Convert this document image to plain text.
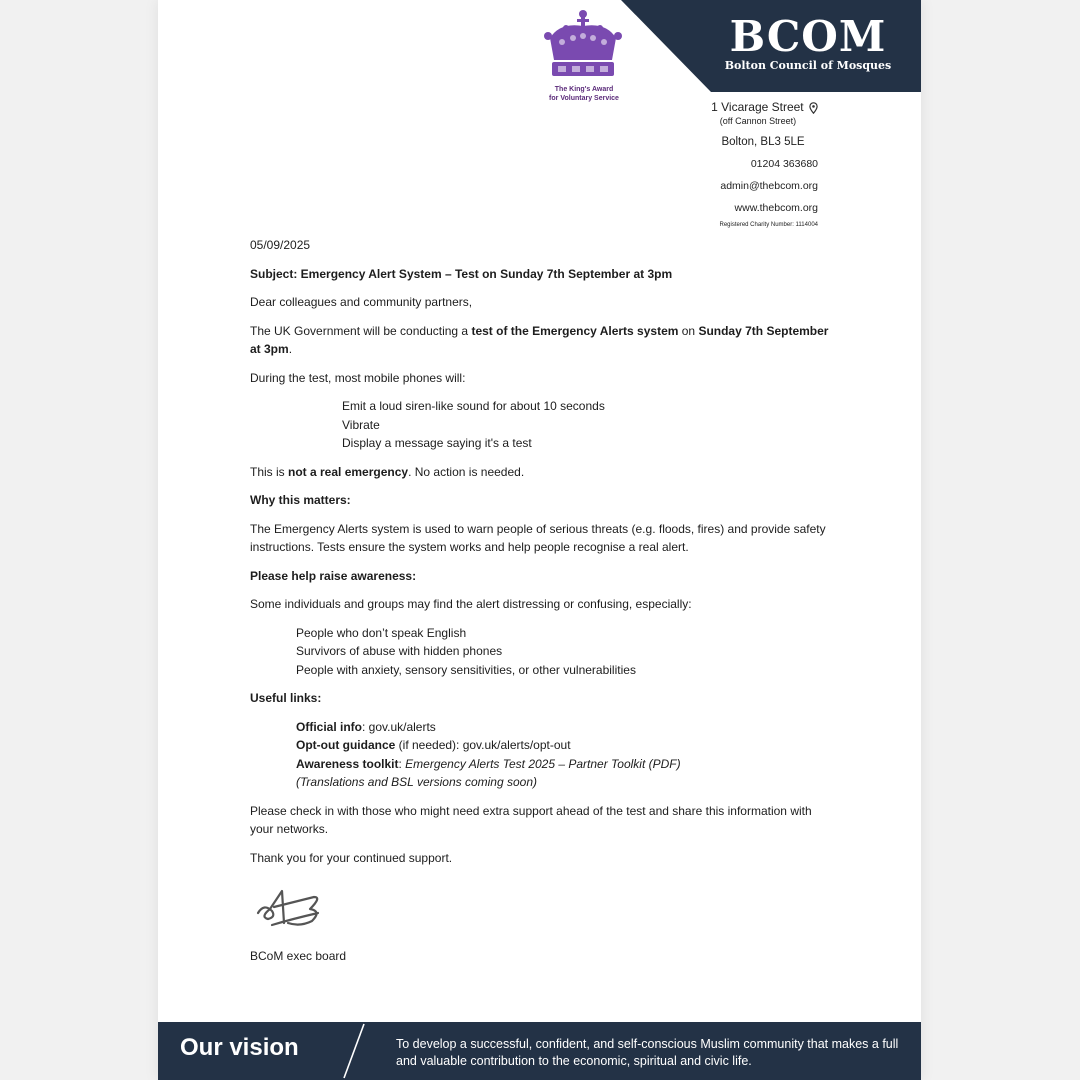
The King's Award
for Voluntary Service
BCOM
Bolton Council of Mosques
1 Vicarage Street
(off Cannon Street)
Bolton, BL3 5LE
01204 363680
admin@thebcom.org
www.thebcom.org
Registered Charity Number: 1114004
05/09/2025
Subject: Emergency Alert System – Test on Sunday 7th September at 3pm
Dear colleagues and community partners,
The UK Government will be conducting a test of the Emergency Alerts system on Sunday 7th September at 3pm.
During the test, most mobile phones will:
Emit a loud siren-like sound for about 10 seconds
Vibrate
Display a message saying it's a test
This is not a real emergency. No action is needed.
Why this matters:
The Emergency Alerts system is used to warn people of serious threats (e.g. floods, fires) and provide safety instructions. Tests ensure the system works and help people recognise a real alert.
Please help raise awareness:
Some individuals and groups may find the alert distressing or confusing, especially:
People who don’t speak English
Survivors of abuse with hidden phones
People with anxiety, sensory sensitivities, or other vulnerabilities
Useful links:
Official info: gov.uk/alerts
Opt-out guidance (if needed): gov.uk/alerts/opt-out
Awareness toolkit: Emergency Alerts Test 2025 – Partner Toolkit (PDF)
(Translations and BSL versions coming soon)
Please check in with those who might need extra support ahead of the test and share this information with your networks.
Thank you for your continued support.
BCoM exec board
Our vision	To develop a successful, confident, and self-conscious Muslim community that makes a full and valuable contribution to the economic, spiritual and civic life.
